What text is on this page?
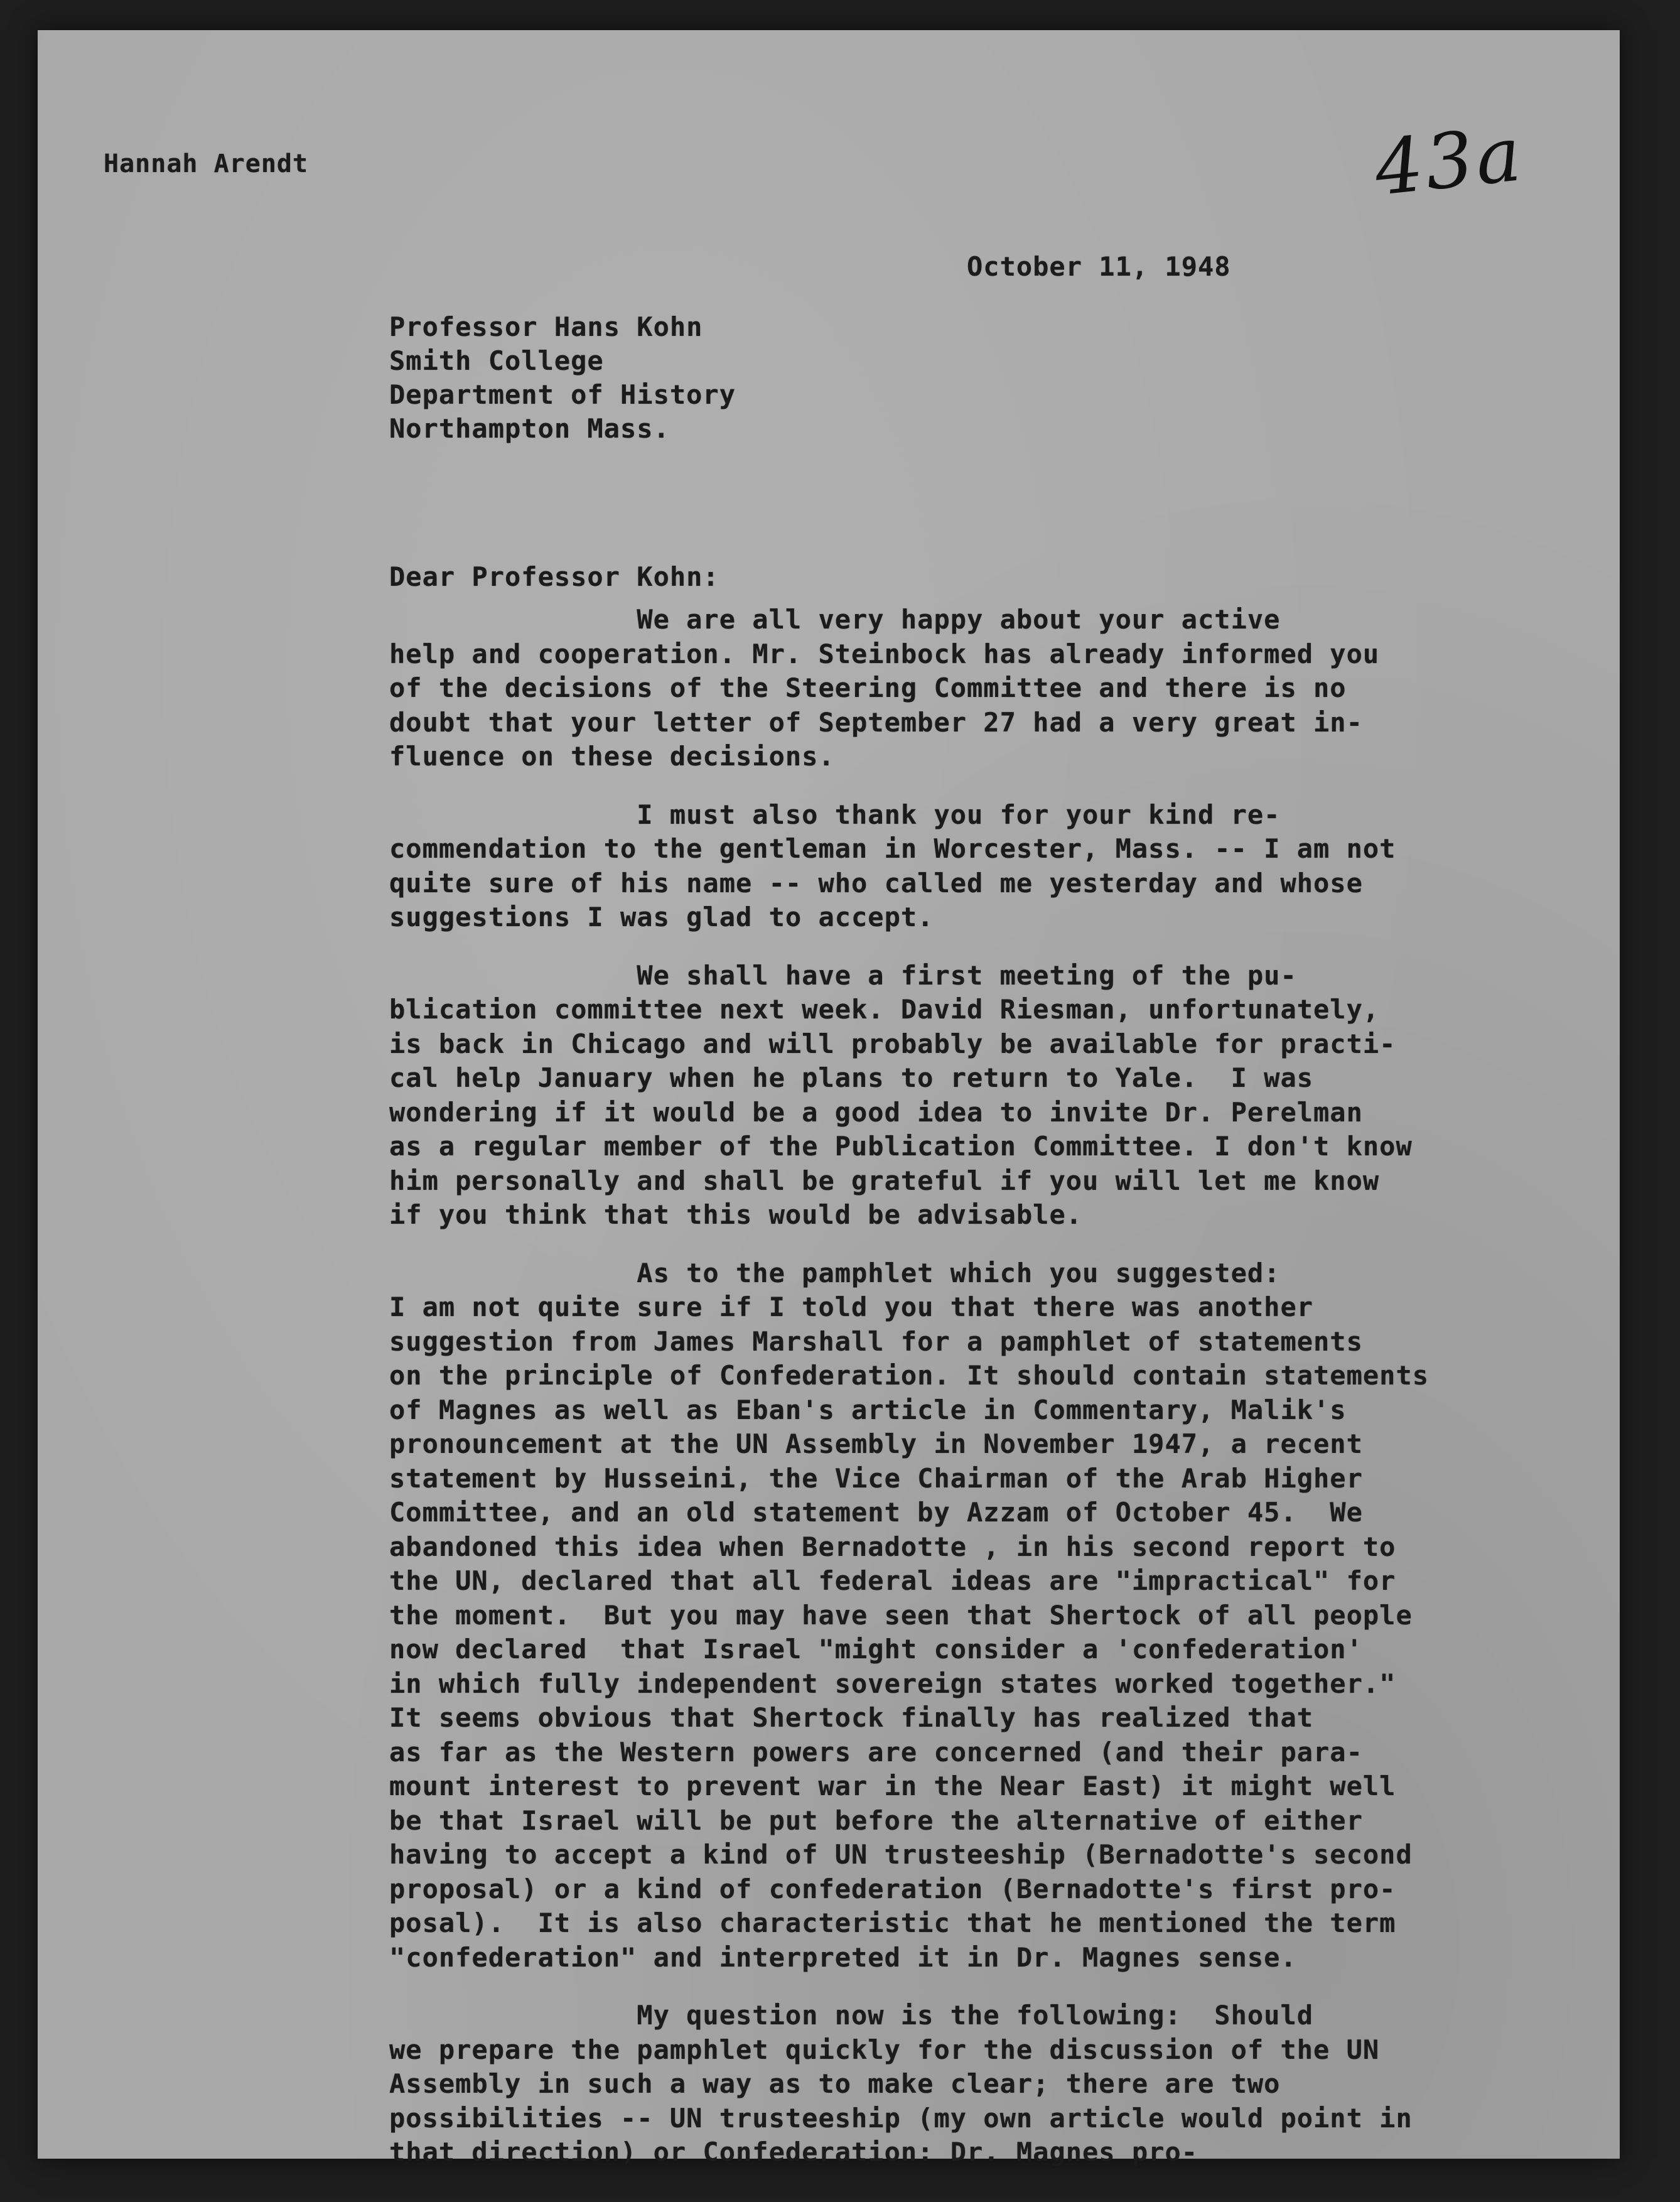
Hannah Arendt	43a
October 11, 1948
Professor Hans Kohn
Smith College
Department of History
Northampton Mass.
Dear Professor Kohn:
We are all very happy about your active
help and cooperation. Mr. Steinbock has already informed you
of the decisions of the Steering Committee and there is no
doubt that your letter of September 27 had a very great in-
fluence on these decisions.
I must also thank you for your kind re-
commendation to the gentleman in Worcester, Mass. -- I am not
quite sure of his name -- who called me yesterday and whose
suggestions I was glad to accept.
We shall have a first meeting of the pu-
blication committee next week. David Riesman, unfortunately,
is back in Chicago and will probably be available for practi-
cal help January when he plans to return to Yale.  I was
wondering if it would be a good idea to invite Dr. Perelman
as a regular member of the Publication Committee. I don't know
him personally and shall be grateful if you will let me know
if you think that this would be advisable.
As to the pamphlet which you suggested:
I am not quite sure if I told you that there was another
suggestion from James Marshall for a pamphlet of statements
on the principle of Confederation. It should contain statements
of Magnes as well as Eban's article in Commentary, Malik's
pronouncement at the UN Assembly in November 1947, a recent
statement by Husseini, the Vice Chairman of the Arab Higher
Committee, and an old statement by Azzam of October 45.  We
abandoned this idea when Bernadotte , in his second report to
the UN, declared that all federal ideas are "impractical" for
the moment.  But you may have seen that Shertock of all people
now declared  that Israel "might consider a 'confederation'
in which fully independent sovereign states worked together."
It seems obvious that Shertock finally has realized that
as far as the Western powers are concerned (and their para-
mount interest to prevent war in the Near East) it might well
be that Israel will be put before the alternative of either
having to accept a kind of UN trusteeship (Bernadotte's second
proposal) or a kind of confederation (Bernadotte's first pro-
posal).  It is also characteristic that he mentioned the term
"confederation" and interpreted it in Dr. Magnes sense.
My question now is the following:  Should
we prepare the pamphlet quickly for the discussion of the UN
Assembly in such a way as to make clear; there are two
possibilities -- UN trusteeship (my own article would point in
that direction) or Confederation: Dr. Magnes pro-
